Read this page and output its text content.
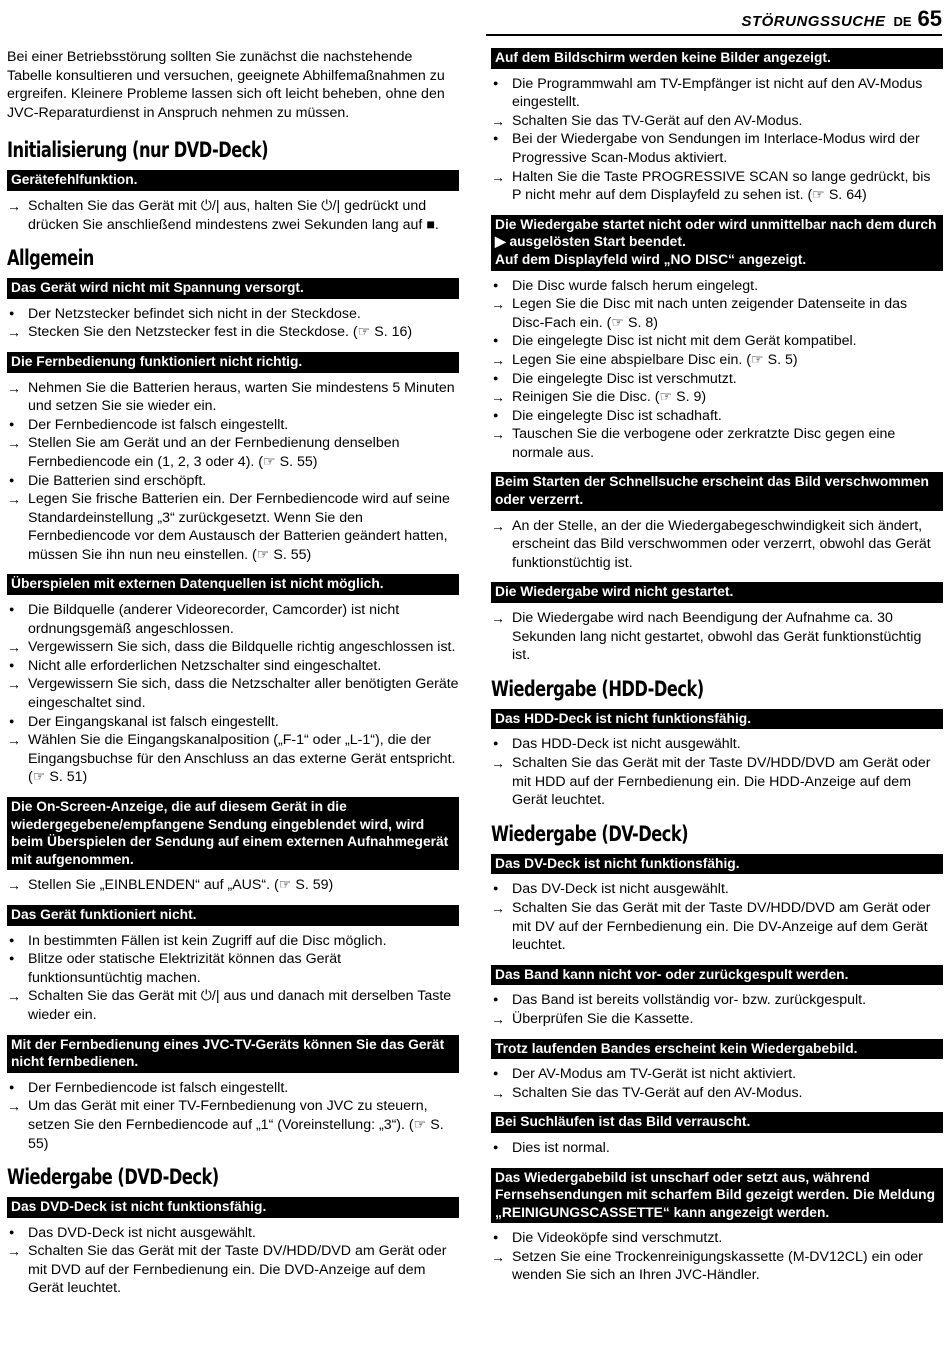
STÖRUNGSSUCHE DE 65

Bei einer Betriebsstörung sollten Sie zunächst die nachstehende Tabelle konsultieren und versuchen, geeignete Abhilfemaßnahmen zu ergreifen. Kleinere Probleme lassen sich oft leicht beheben, ohne den JVC-Reparaturdienst in Anspruch nehmen zu müssen.

Initialisierung (nur DVD-Deck)
Gerätefehlfunktion.
→
Schalten Sie das Gerät mit ⏻/| aus, halten Sie ⏻/| gedrückt und drücken Sie anschließend mindestens zwei Sekunden lang auf ■.
Allgemein
Das Gerät wird nicht mit Spannung versorgt.
●
Der Netzstecker befindet sich nicht in der Steckdose.
→
Stecken Sie den Netzstecker fest in die Steckdose. (☞ S. 16)
Die Fernbedienung funktioniert nicht richtig.
→
Nehmen Sie die Batterien heraus, warten Sie mindestens 5 Minuten und setzen Sie sie wieder ein.
●
Der Fernbediencode ist falsch eingestellt.
→
Stellen Sie am Gerät und an der Fernbedienung denselben Fernbediencode ein (1, 2, 3 oder 4). (☞ S. 55)
●
Die Batterien sind erschöpft.
→
Legen Sie frische Batterien ein. Der Fernbediencode wird auf seine Standardeinstellung „3“ zurückgesetzt. Wenn Sie den Fernbediencode vor dem Austausch der Batterien geändert hatten, müssen Sie ihn nun neu einstellen. (☞ S. 55)
Überspielen mit externen Datenquellen ist nicht möglich.
●
Die Bildquelle (anderer Videorecorder, Camcorder) ist nicht ordnungsgemäß angeschlossen.
→
Vergewissern Sie sich, dass die Bildquelle richtig angeschlossen ist.
●
Nicht alle erforderlichen Netzschalter sind eingeschaltet.
→
Vergewissern Sie sich, dass die Netzschalter aller benötigten Geräte eingeschaltet sind.
●
Der Eingangskanal ist falsch eingestellt.
→
Wählen Sie die Eingangskanalposition („F-1“ oder „L-1“), die der Eingangsbuchse für den Anschluss an das externe Gerät entspricht. (☞ S. 51)
Die On-Screen-Anzeige, die auf diesem Gerät in die wiedergegebene/empfangene Sendung eingeblendet wird, wird beim Überspielen der Sendung auf einem externen Aufnahmegerät mit aufgenommen.
→
Stellen Sie „EINBLENDEN“ auf „AUS“. (☞ S. 59)
Das Gerät funktioniert nicht.
●
In bestimmten Fällen ist kein Zugriff auf die Disc möglich.
●
Blitze oder statische Elektrizität können das Gerät funktionsuntüchtig machen.
→
Schalten Sie das Gerät mit ⏻/| aus und danach mit derselben Taste wieder ein.
Mit der Fernbedienung eines JVC-TV-Geräts können Sie das Gerät nicht fernbedienen.
●
Der Fernbediencode ist falsch eingestellt.
→
Um das Gerät mit einer TV-Fernbedienung von JVC zu steuern, setzen Sie den Fernbediencode auf „1“ (Voreinstellung: „3“). (☞ S. 55)
Wiedergabe (DVD-Deck)
Das DVD-Deck ist nicht funktionsfähig.
●
Das DVD-Deck ist nicht ausgewählt.
→
Schalten Sie das Gerät mit der Taste DV/HDD/DVD am Gerät oder mit DVD auf der Fernbedienung ein. Die DVD-Anzeige auf dem Gerät leuchtet.
Auf dem Bildschirm werden keine Bilder angezeigt.
●
Die Programmwahl am TV-Empfänger ist nicht auf den AV-Modus eingestellt.
→
Schalten Sie das TV-Gerät auf den AV-Modus.
●
Bei der Wiedergabe von Sendungen im Interlace-Modus wird der Progressive Scan-Modus aktiviert.
→
Halten Sie die Taste PROGRESSIVE SCAN so lange gedrückt, bis P nicht mehr auf dem Displayfeld zu sehen ist. (☞ S. 64)
Die Wiedergabe startet nicht oder wird unmittelbar nach dem durch ▶ ausgelösten Start beendet.
Auf dem Displayfeld wird „NO DISC“ angezeigt.
●
Die Disc wurde falsch herum eingelegt.
→
Legen Sie die Disc mit nach unten zeigender Datenseite in das Disc-Fach ein. (☞ S. 8)
●
Die eingelegte Disc ist nicht mit dem Gerät kompatibel.
→
Legen Sie eine abspielbare Disc ein. (☞ S. 5)
●
Die eingelegte Disc ist verschmutzt.
→
Reinigen Sie die Disc. (☞ S. 9)
●
Die eingelegte Disc ist schadhaft.
→
Tauschen Sie die verbogene oder zerkratzte Disc gegen eine normale aus.
Beim Starten der Schnellsuche erscheint das Bild verschwommen oder verzerrt.
→
An der Stelle, an der die Wiedergabegeschwindigkeit sich ändert, erscheint das Bild verschwommen oder verzerrt, obwohl das Gerät funktionstüchtig ist.
Die Wiedergabe wird nicht gestartet.
→
Die Wiedergabe wird nach Beendigung der Aufnahme ca. 30 Sekunden lang nicht gestartet, obwohl das Gerät funktionstüchtig ist.
Wiedergabe (HDD-Deck)
Das HDD-Deck ist nicht funktionsfähig.
●
Das HDD-Deck ist nicht ausgewählt.
→
Schalten Sie das Gerät mit der Taste DV/HDD/DVD am Gerät oder mit HDD auf der Fernbedienung ein. Die HDD-Anzeige auf dem Gerät leuchtet.
Wiedergabe (DV-Deck)
Das DV-Deck ist nicht funktionsfähig.
●
Das DV-Deck ist nicht ausgewählt.
→
Schalten Sie das Gerät mit der Taste DV/HDD/DVD am Gerät oder mit DV auf der Fernbedienung ein. Die DV-Anzeige auf dem Gerät leuchtet.
Das Band kann nicht vor- oder zurückgespult werden.
●
Das Band ist bereits vollständig vor- bzw. zurückgespult.
→
Überprüfen Sie die Kassette.
Trotz laufenden Bandes erscheint kein Wiedergabebild.
●
Der AV-Modus am TV-Gerät ist nicht aktiviert.
→
Schalten Sie das TV-Gerät auf den AV-Modus.
Bei Suchläufen ist das Bild verrauscht.
●
Dies ist normal.
Das Wiedergabebild ist unscharf oder setzt aus, während Fernsehsendungen mit scharfem Bild gezeigt werden. Die Meldung „REINIGUNGSCASSETTE“ kann angezeigt werden.
●
Die Videoköpfe sind verschmutzt.
→
Setzen Sie eine Trockenreinigungskassette (M-DV12CL) ein oder wenden Sie sich an Ihren JVC-Händler.
